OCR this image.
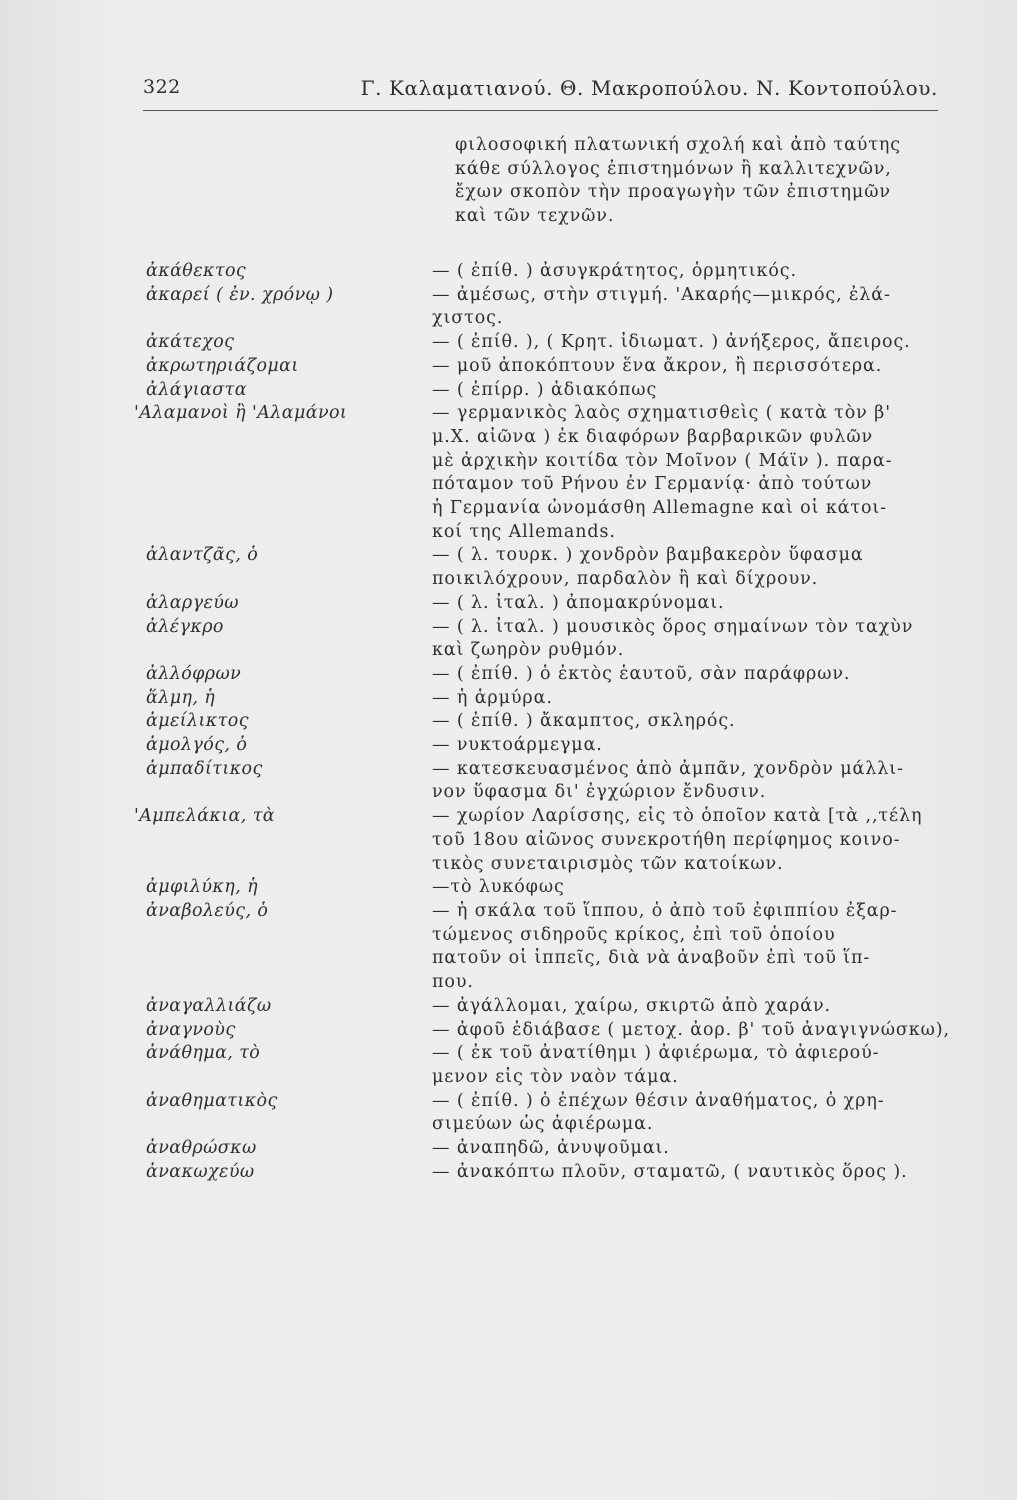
322	Γ. Καλαματιανού. Θ. Μακροπούλου. Ν. Κοντοπούλου.
φιλοσοφική πλατωνική σχολή καὶ ἀπὸ ταύτης
κάθε σύλλογος ἐπιστημόνων ἢ καλλιτεχνῶν,
ἔχων σκοπὸν τὴν προαγωγὴν τῶν ἐπιστημῶν
καὶ τῶν τεχνῶν.
ἀκάθεκτος	— ( ἐπίθ. ) ἀσυγκράτητος, ὁρμητικός.
ἀκαρεί ( ἐν. χρόνῳ )	— ἀμέσως, στὴν στιγμή. 'Ακαρής—μικρός, ἐλά-
χιστος.
ἀκάτεχος	— ( ἐπίθ. ), ( Κρητ. ἰδιωματ. ) ἀνήξερος, ἄπειρος.
ἀκρωτηριάζομαι	— μοῦ ἀποκόπτουν ἕνα ἄκρον, ἢ περισσότερα.
ἀλάγιαστα	— ( ἐπίρρ. ) ἀδιακόπως
'Αλαμανοὶ ἢ 'Αλαμάνοι	— γερμανικὸς λαὸς σχηματισθεὶς ( κατὰ τὸν β'
μ.Χ. αἰῶνα ) ἐκ διαφόρων βαρβαρικῶν φυλῶν
μὲ ἀρχικὴν κοιτίδα τὸν Μοῖνον ( Μάϊν ). παρα-
πόταμον τοῦ Ρήνου ἐν Γερμανίᾳ· ἀπὸ τούτων
ἡ Γερμανία ὠνομάσθη Allemagne καὶ οἱ κάτοι-
κοί της Allemands.
ἀλαντζᾶς, ὁ	— ( λ. τουρκ. ) χονδρὸν βαμβακερὸν ὕφασμα
ποικιλόχρουν, παρδαλὸν ἢ καὶ δίχρουν.
ἀλαργεύω	— ( λ. ἰταλ. ) ἀπομακρύνομαι.
ἀλέγκρο	— ( λ. ἰταλ. ) μουσικὸς ὅρος σημαίνων τὸν ταχὺν
καὶ ζωηρὸν ρυθμόν.
ἀλλόφρων	— ( ἐπίθ. ) ὁ ἐκτὸς ἑαυτοῦ, σὰν παράφρων.
ἅλμη, ἡ	— ἡ ἁρμύρα.
ἀμείλικτος	— ( ἐπίθ. ) ἄκαμπτος, σκληρός.
ἀμολγός, ὁ	— νυκτοάρμεγμα.
ἀμπαδίτικος	— κατεσκευασμένος ἀπὸ ἀμπᾶν, χονδρὸν μάλλι-
νον ὕφασμα δι' ἐγχώριον ἔνδυσιν.
'Αμπελάκια, τὰ	— χωρίον Λαρίσσης, εἰς τὸ ὁποῖον κατὰ [τὰ ,,τέλη
τοῦ 18ου αἰῶνος συνεκροτήθη περίφημος κοινο-
τικὸς συνεταιρισμὸς τῶν κατοίκων.
ἀμφιλύκη, ἡ	—τὸ λυκόφως
ἀναβολεύς, ὁ	— ἡ σκάλα τοῦ ἵππου, ὁ ἀπὸ τοῦ ἐφιππίου ἐξαρ-
τώμενος σιδηροῦς κρίκος, ἐπὶ τοῦ ὁποίου
πατοῦν οἱ ἱππεῖς, διὰ νὰ ἀναβοῦν ἐπὶ τοῦ ἵπ-
που.
ἀναγαλλιάζω	— ἀγάλλομαι, χαίρω, σκιρτῶ ἀπὸ χαράν.
ἀναγνοὺς	— ἀφοῦ ἐδιάβασε ( μετοχ. ἀορ. β' τοῦ ἀναγιγνώσκω),
ἀνάθημα, τὸ	— ( ἐκ τοῦ ἀνατίθημι ) ἀφιέρωμα, τὸ ἀφιερού-
μενον εἰς τὸν ναὸν τάμα.
ἀναθηματικὸς	— ( ἐπίθ. ) ὁ ἐπέχων θέσιν ἀναθήματος, ὁ χρη-
σιμεύων ὡς ἀφιέρωμα.
ἀναθρώσκω	— ἀναπηδῶ, ἀνυψοῦμαι.
ἀνακωχεύω	— ἀνακόπτω πλοῦν, σταματῶ, ( ναυτικὸς ὅρος ).
